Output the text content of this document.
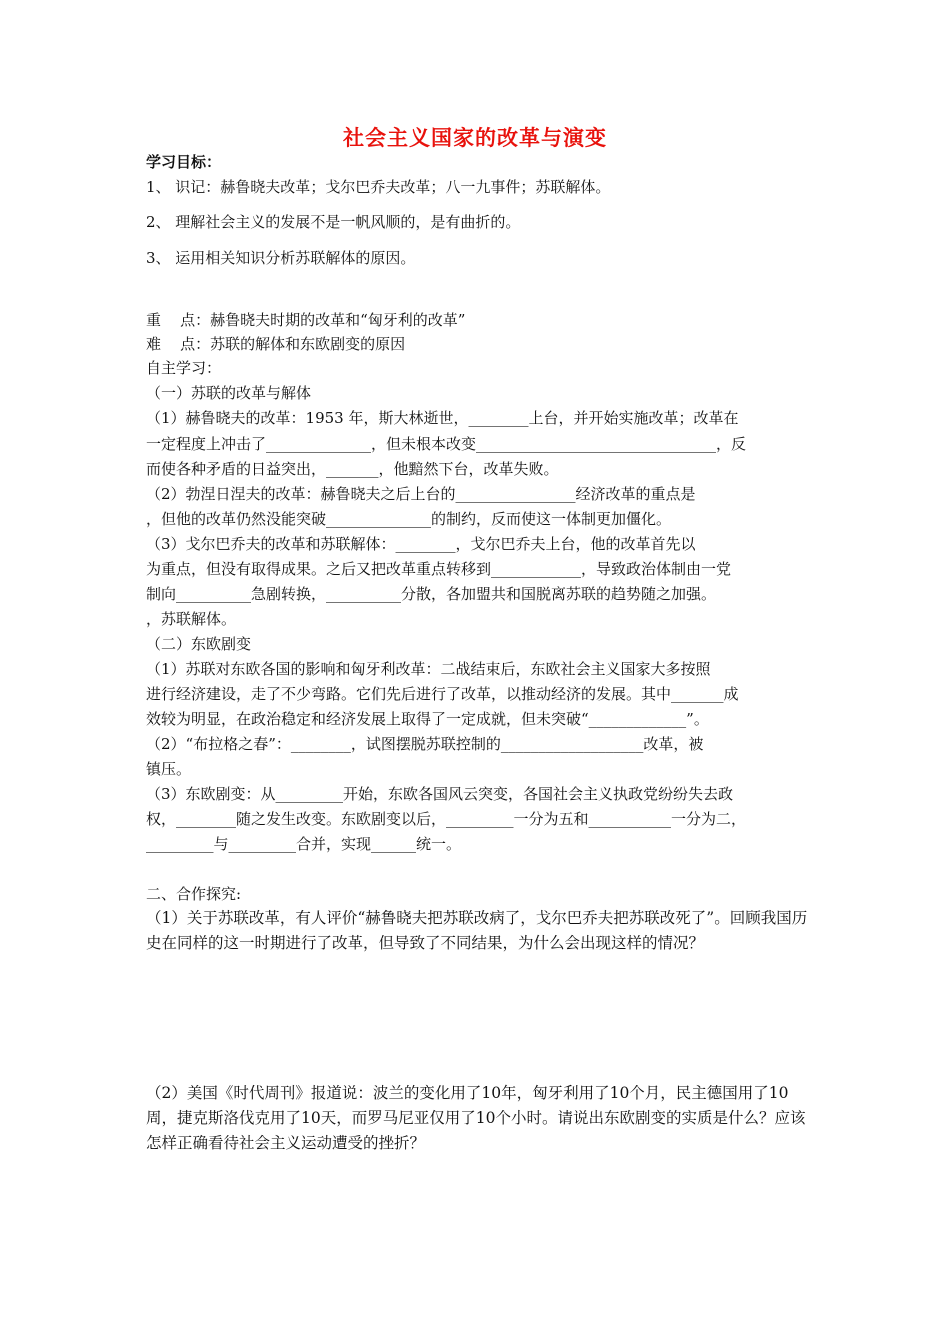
社会主义国家的改革与演变
学习目标：
1、 识记：赫鲁晓夫改革；戈尔巴乔夫改革；八一九事件；苏联解体。
2、 理解社会主义的发展不是一帆风顺的，是有曲折的。
3、 运用相关知识分析苏联解体的原因。
重    点：赫鲁晓夫时期的改革和“匈牙利的改革”
难    点：苏联的解体和东欧剧变的原因
自主学习：
（一）苏联的改革与解体
（1）赫鲁晓夫的改革：1953 年，斯大林逝世，________上台，并开始实施改革；改革在
一定程度上冲击了______________，但未根本改变________________________________，反
而使各种矛盾的日益突出，_______，他黯然下台，改革失败。
（2）勃涅日涅夫的改革：赫鲁晓夫之后上台的________________经济改革的重点是
，但他的改革仍然没能突破______________的制约，反而使这一体制更加僵化。
（3）戈尔巴乔夫的改革和苏联解体：________，戈尔巴乔夫上台，他的改革首先以
为重点，但没有取得成果。之后又把改革重点转移到____________，导致政治体制由一党
制向__________急剧转换，__________分散，各加盟共和国脱离苏联的趋势随之加强。
，苏联解体。
（二）东欧剧变
（1）苏联对东欧各国的影响和匈牙利改革：二战结束后，东欧社会主义国家大多按照
进行经济建设，走了不少弯路。它们先后进行了改革，以推动经济的发展。其中_______成
效较为明显，在政治稳定和经济发展上取得了一定成就，但未突破“_____________”。
（2）“布拉格之春”：________，试图摆脱苏联控制的___________________改革，被
镇压。
（3）东欧剧变：从_________开始，东欧各国风云突变，各国社会主义执政党纷纷失去政
权，________随之发生改变。东欧剧变以后，_________一分为五和___________一分为二，
_________与_________合并，实现______统一。
二、合作探究:
（1）关于苏联改革，有人评价“赫鲁晓夫把苏联改病了，戈尔巴乔夫把苏联改死了”。回顾我国历史在同样的这一时期进行了改革，但导致了不同结果，为什么会出现这样的情况？
（2）美国《时代周刊》报道说：波兰的变化用了10年，匈牙利用了10个月，民主德国用了10周，捷克斯洛伐克用了10天，而罗马尼亚仅用了10个小时。请说出东欧剧变的实质是什么？应该怎样正确看待社会主义运动遭受的挫折？
